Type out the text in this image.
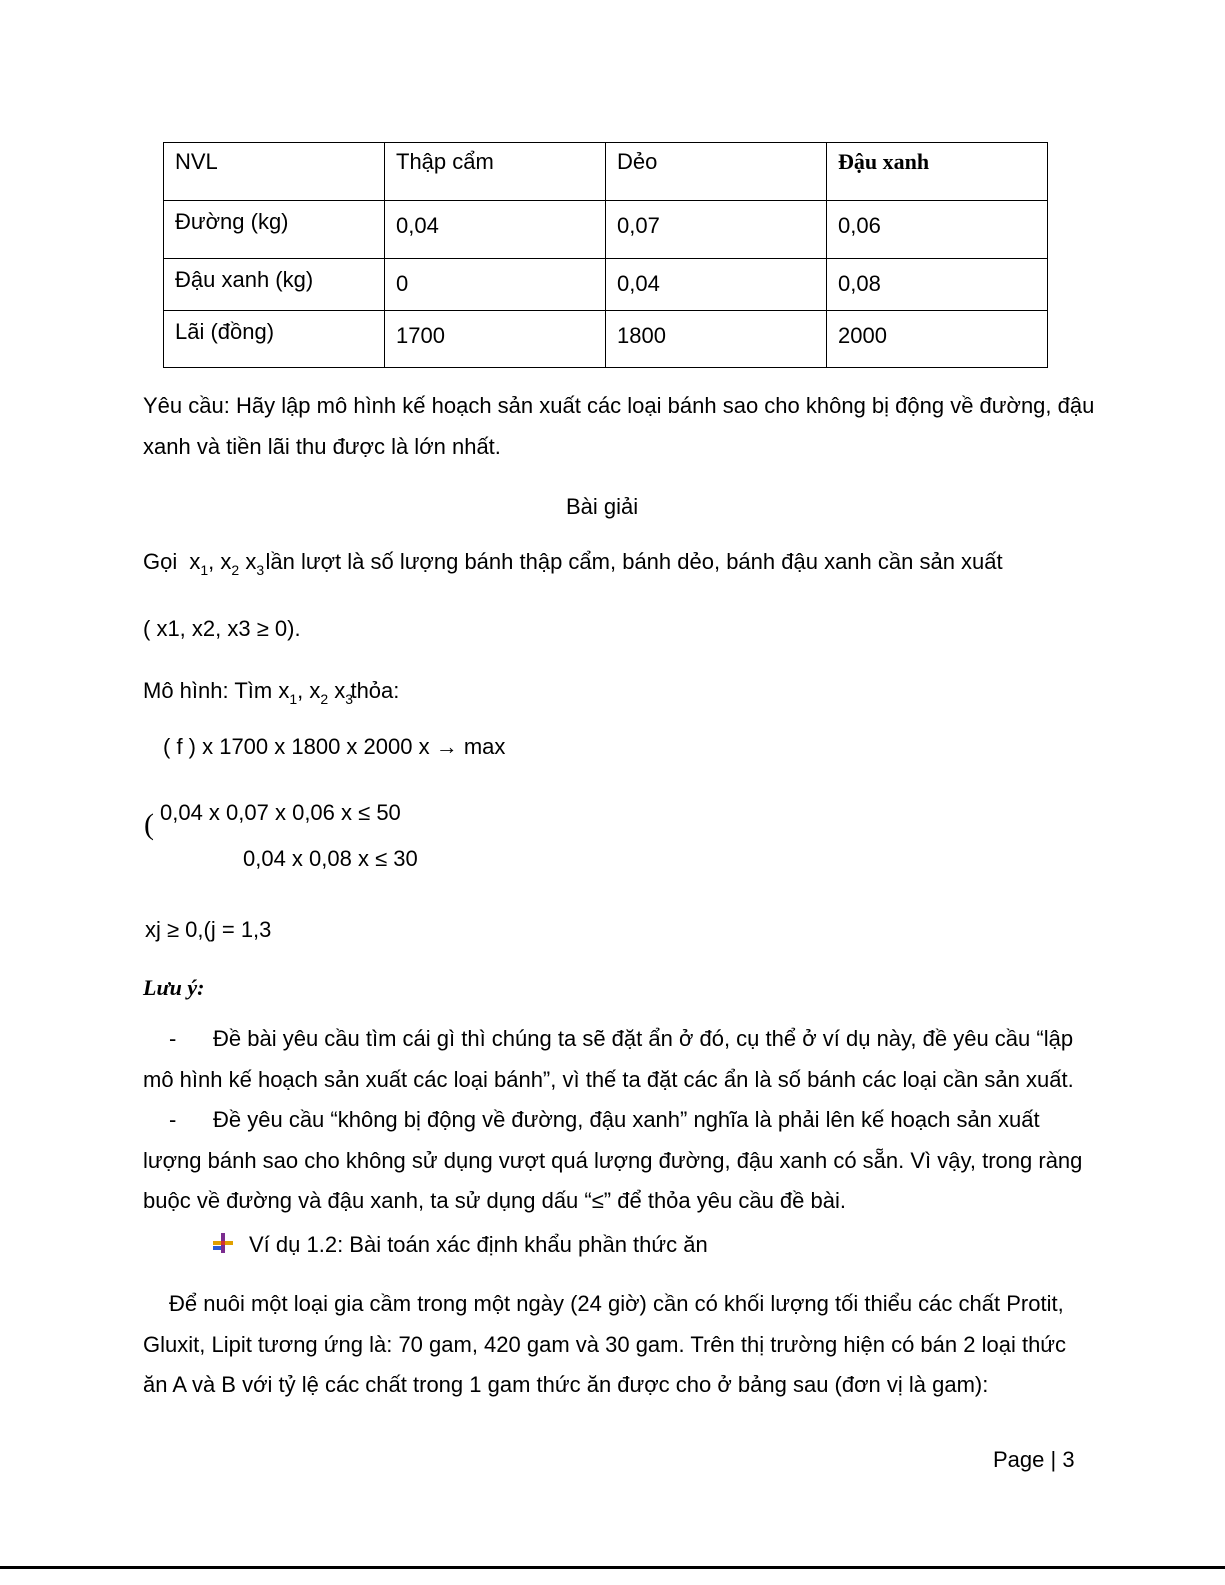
NVL	Thập cẩm	Dẻo	Đậu xanh
Đường (kg)	0,04	0,07	0,06
Đậu xanh (kg)	0	0,04	0,08
Lãi (đồng)	1700	1800	2000
Yêu cầu: Hãy lập mô hình kế hoạch sản xuất các loại bánh sao cho không bị động về đường, đậu
xanh và tiền lãi thu được là lớn nhất.
Bài giải
Gọi $x_1$, $x_2$ $x_3$ lần lượt là số lượng bánh thập cẩm, bánh dẻo, bánh đậu xanh cần sản xuất
( x1, x2, x3 ≥ 0).
Mô hình: Tìm $x_1$, $x_2$ $x_3$ thỏa:
( f ) x 1700 x 1800 x 2000 x → max
( 0,04 x 0,07 x 0,06 x ≤ 50
0,04 x 0,08 x ≤ 30
xj ≥ 0,(j = 1,3
Lưu ý:
- Đề bài yêu cầu tìm cái gì thì chúng ta sẽ đặt ẩn ở đó, cụ thể ở ví dụ này, đề yêu cầu “lập
mô hình kế hoạch sản xuất các loại bánh”, vì thế ta đặt các ẩn là số bánh các loại cần sản xuất.
- Đề yêu cầu “không bị động về đường, đậu xanh” nghĩa là phải lên kế hoạch sản xuất
lượng bánh sao cho không sử dụng vượt quá lượng đường, đậu xanh có sẵn. Vì vậy, trong ràng
buộc về đường và đậu xanh, ta sử dụng dấu “≤” để thỏa yêu cầu đề bài.
Ví dụ 1.2: Bài toán xác định khẩu phần thức ăn
Để nuôi một loại gia cầm trong một ngày (24 giờ) cần có khối lượng tối thiểu các chất Protit,
Gluxit, Lipit tương ứng là: 70 gam, 420 gam và 30 gam. Trên thị trường hiện có bán 2 loại thức
ăn A và B với tỷ lệ các chất trong 1 gam thức ăn được cho ở bảng sau (đơn vị là gam):
Page | 3
